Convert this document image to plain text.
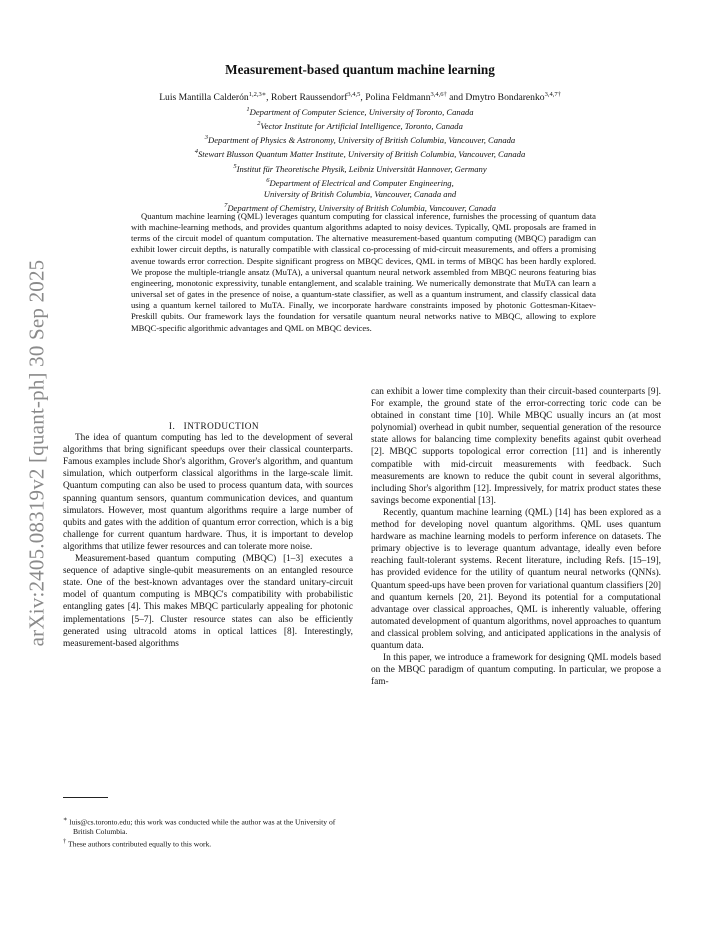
arXiv:2405.08319v2 [quant-ph] 30 Sep 2025
Measurement-based quantum machine learning
Luis Mantilla Calderón$^{1,2,3∗}$, Robert Raussendorf$^{3,4,5}$, Polina Feldmann$^{3,4,6\dagger}$ and Dmytro Bondarenko$^{3,4,7\dagger}$
$^1$Department of Computer Science, University of Toronto, Canada
$^2$Vector Institute for Artificial Intelligence, Toronto, Canada
$^3$Department of Physics & Astronomy, University of British Columbia, Vancouver, Canada
$^4$Stewart Blusson Quantum Matter Institute, University of British Columbia, Vancouver, Canada
$^5$Institut für Theoretische Physik, Leibniz Universität Hannover, Germany
$^6$Department of Electrical and Computer Engineering,
University of British Columbia, Vancouver, Canada and
$^7$Department of Chemistry, University of British Columbia, Vancouver, Canada
Quantum machine learning (QML) leverages quantum computing for classical inference, furnishes the processing of quantum data with machine-learning methods, and provides quantum algorithms adapted to noisy devices. Typically, QML proposals are framed in terms of the circuit model of quantum computation. The alternative measurement-based quantum computing (MBQC) paradigm can exhibit lower circuit depths, is naturally compatible with classical co-processing of mid-circuit measurements, and offers a promising avenue towards error correction. Despite significant progress on MBQC devices, QML in terms of MBQC has been hardly explored. We propose the multiple-triangle ansatz (MuTA), a universal quantum neural network assembled from MBQC neurons featuring bias engineering, monotonic expressivity, tunable entanglement, and scalable training. We numerically demonstrate that MuTA can learn a universal set of gates in the presence of noise, a quantum-state classifier, as well as a quantum instrument, and classify classical data using a quantum kernel tailored to MuTA. Finally, we incorporate hardware constraints imposed by photonic Gottesman-Kitaev-Preskill qubits. Our framework lays the foundation for versatile quantum neural networks native to MBQC, allowing to explore MBQC-specific algorithmic advantages and QML on MBQC devices.

I. INTRODUCTION

The idea of quantum computing has led to the development of several algorithms that bring significant speedups over their classical counterparts. Famous examples include Shor's algorithm, Grover's algorithm, and quantum simulation, which outperform classical algorithms in the large-scale limit. Quantum computing can also be used to process quantum data, with sources spanning quantum sensors, quantum communication devices, and quantum simulators. However, most quantum algorithms require a large number of qubits and gates with the addition of quantum error correction, which is a big challenge for current quantum hardware. Thus, it is important to develop algorithms that utilize fewer resources and can tolerate more noise.

Measurement-based quantum computing (MBQC) [1–3] executes a sequence of adaptive single-qubit measurements on an entangled resource state. One of the best-known advantages over the standard unitary-circuit model of quantum computing is MBQC's compatibility with probabilistic entangling gates [4]. This makes MBQC particularly appealing for photonic implementations [5–7]. Cluster resource states can also be efficiently generated using ultracold atoms in optical lattices [8]. Interestingly, measurement-based algorithms

can exhibit a lower time complexity than their circuit-based counterparts [9]. For example, the ground state of the error-correcting toric code can be obtained in constant time [10]. While MBQC usually incurs an (at most polynomial) overhead in qubit number, sequential generation of the resource state allows for balancing time complexity benefits against qubit overhead [2]. MBQC supports topological error correction [11] and is inherently compatible with mid-circuit measurements with feedback. Such measurements are known to reduce the qubit count in several algorithms, including Shor's algorithm [12]. Impressively, for matrix product states these savings become exponential [13].

Recently, quantum machine learning (QML) [14] has been explored as a method for developing novel quantum algorithms. QML uses quantum hardware as machine learning models to perform inference on datasets. The primary objective is to leverage quantum advantage, ideally even before reaching fault-tolerant systems. Recent literature, including Refs. [15–19], has provided evidence for the utility of quantum neural networks (QNNs). Quantum speed-ups have been proven for variational quantum classifiers [20] and quantum kernels [20, 21]. Beyond its potential for a computational advantage over classical approaches, QML is inherently valuable, offering automated development of quantum algorithms, novel approaches to quantum and classical problem solving, and anticipated applications in the analysis of quantum data.

In this paper, we introduce a framework for designing QML models based on the MBQC paradigm of quantum computing. In particular, we propose a fam-

∗ luis@cs.toronto.edu; this work was conducted while the author was at the University of British Columbia.
† These authors contributed equally to this work.
